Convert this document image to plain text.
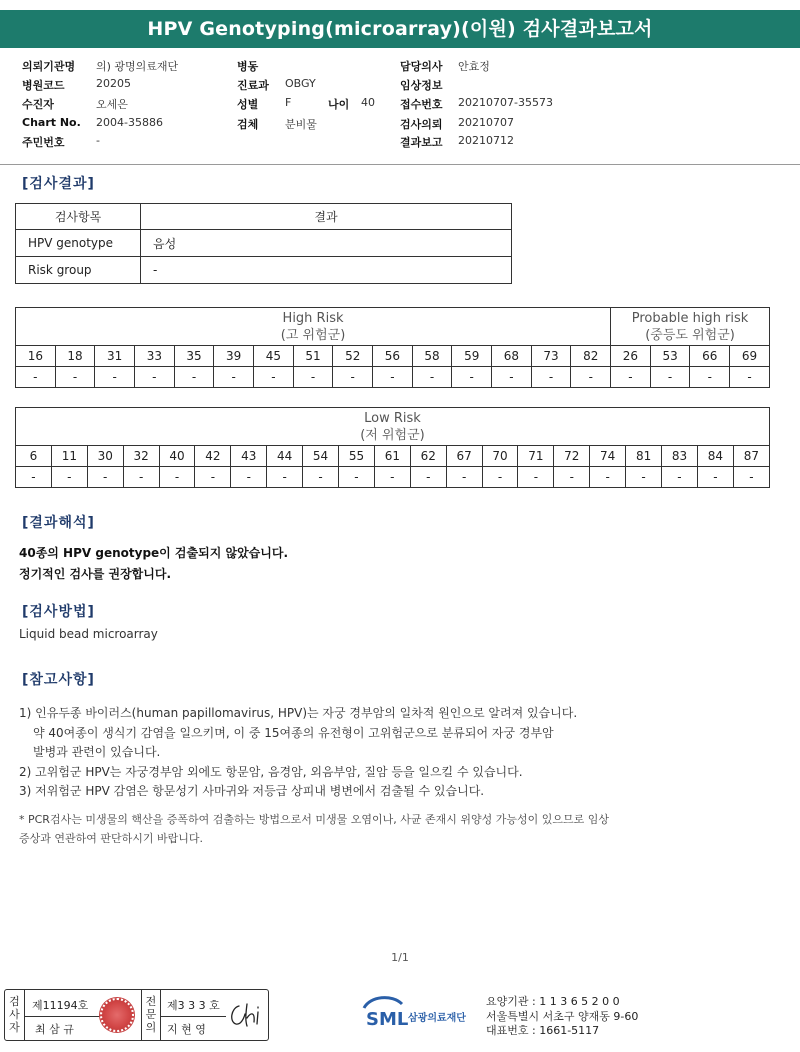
HPV Genotyping(microarray)(이원) 검사결과보고서
의뢰기관명 의) 광명의료재단
병원코드	20205
수진자	오세은
Chart No. 2004-35886
주민번호	-
병동
진료과 OBGY
성별 F	나이 40
검체 분비물
담당의사 안효정
임상정보
접수번호 20210707-35573
검사의뢰 20210707
결과보고 20210712
[검사결과]
검사항목	결과
HPV genotype	음성
Risk group	-
High Risk
(고 위험군)															Probable high risk
(중등도 위험군)			
16	18	31	33	35	39	45	51	52	56	58	59	68	73	82	26	53	66	69
-	-	-	-	-	-	-	-	-	-	-	-	-	-	-	-	-	-	-
Low Risk
(저 위험군)																				
6	11	30	32	40	42	43	44	54	55	61	62	67	70	71	72	74	81	83	84	87
-	-	-	-	-	-	-	-	-	-	-	-	-	-	-	-	-	-	-	-	-
[결과해석]
40종의 HPV genotype이 검출되지 않았습니다.
정기적인 검사를 권장합니다.
[검사방법]
Liquid bead microarray
[참고사항]
1) 인유두종 바이러스(human papillomavirus, HPV)는 자궁 경부암의 일차적 원인으로 알려져 있습니다.
약 40여종이 생식기 감염을 일으키며, 이 중 15여종의 유전형이 고위험군으로 분류되어 자궁 경부암
발병과 관련이 있습니다.
2) 고위험군 HPV는 자궁경부암 외에도 항문암, 음경암, 외음부암, 질암 등을 일으킬 수 있습니다.
3) 저위험군 HPV 감염은 항문성기 사마귀와 저등급 상피내 병변에서 검출될 수 있습니다.
* PCR검사는 미생물의 핵산을 증폭하여 검출하는 방법으로서 미생물 오염이나, 사균 존재시 위양성 가능성이 있으므로 임상
증상과 연관하여 판단하시기 바랍니다.
1/1
검
사
자
제11194호
최 삼 규
전
문
의
제3 3 3 호
지 현 영	SML 삼광의료재단
요양기관 : 1 1 3 6 5 2 0 0
서울특별시 서초구 양재동 9-60
대표번호 : 1661-5117
